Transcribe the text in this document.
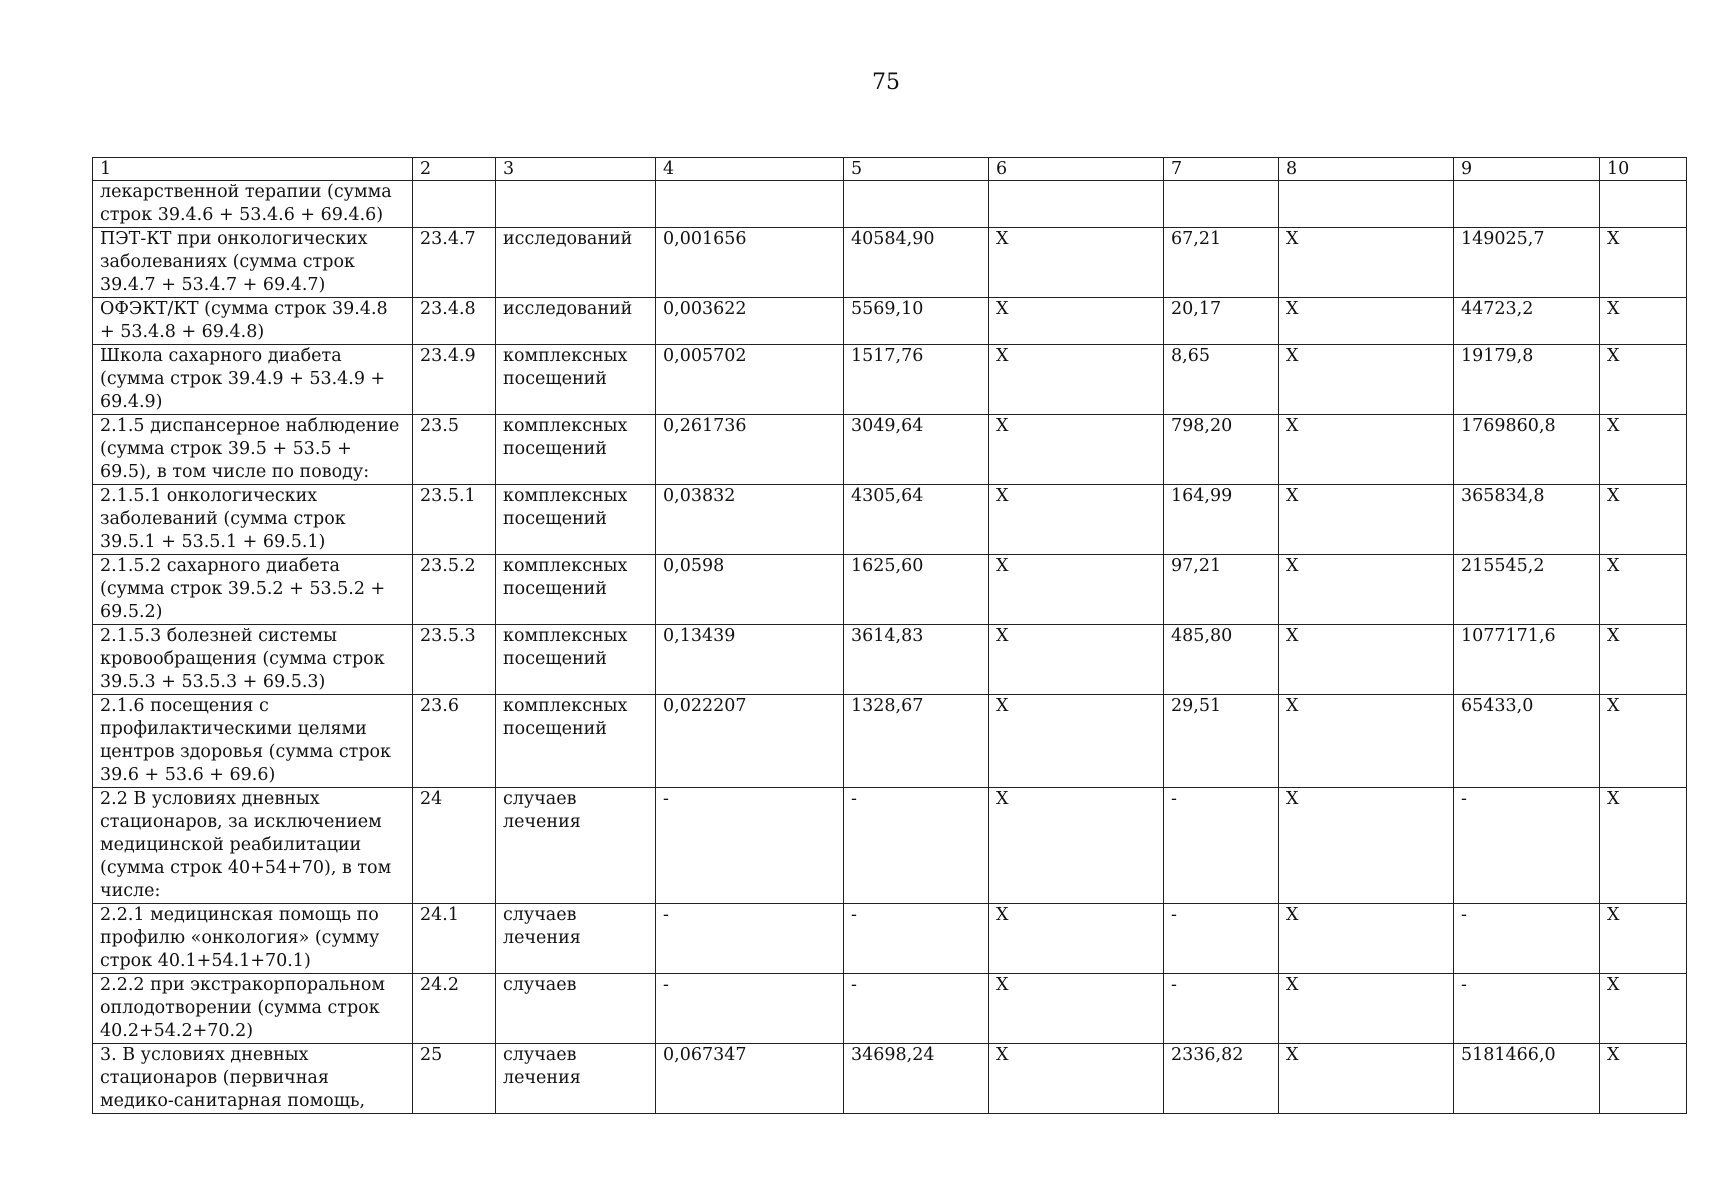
75
1	2	3	4	5	6	7	8	9	10
лекарственной терапии (сумма строк 39.4.6 + 53.4.6 + 69.4.6)									
ПЭТ-КТ при онкологических заболеваниях (сумма строк 39.4.7 + 53.4.7 + 69.4.7)	23.4.7	исследований	0,001656	40584,90	X	67,21	X	149025,7	X
ОФЭКТ/КТ (сумма строк 39.4.8 + 53.4.8 + 69.4.8)	23.4.8	исследований	0,003622	5569,10	X	20,17	X	44723,2	X
Школа сахарного диабета (сумма строк 39.4.9 + 53.4.9 + 69.4.9)	23.4.9	комплексных посещений	0,005702	1517,76	X	8,65	X	19179,8	X
2.1.5 диспансерное наблюдение (сумма строк 39.5 + 53.5 + 69.5), в том числе по поводу:	23.5	комплексных посещений	0,261736	3049,64	X	798,20	X	1769860,8	X
2.1.5.1 онкологических заболеваний (сумма строк 39.5.1 + 53.5.1 + 69.5.1)	23.5.1	комплексных посещений	0,03832	4305,64	X	164,99	X	365834,8	X
2.1.5.2 сахарного диабета (сумма строк 39.5.2 + 53.5.2 + 69.5.2)	23.5.2	комплексных посещений	0,0598	1625,60	X	97,21	X	215545,2	X
2.1.5.3 болезней системы кровообращения (сумма строк 39.5.3 + 53.5.3 + 69.5.3)	23.5.3	комплексных посещений	0,13439	3614,83	X	485,80	X	1077171,6	X
2.1.6 посещения с профилактическими целями центров здоровья (сумма строк 39.6 + 53.6 + 69.6)	23.6	комплексных посещений	0,022207	1328,67	X	29,51	X	65433,0	X
2.2 В условиях дневных стационаров, за исключением медицинской реабилитации (сумма строк 40+54+70), в том числе:	24	случаев лечения	-	-	X	-	X	-	X
2.2.1 медицинская помощь по профилю «онкология» (сумму строк 40.1+54.1+70.1)	24.1	случаев лечения	-	-	X	-	X	-	X
2.2.2 при экстракорпоральном оплодотворении (сумма строк 40.2+54.2+70.2)	24.2	случаев	-	-	X	-	X	-	X
3. В условиях дневных стационаров (первичная медико-санитарная помощь,	25	случаев лечения	0,067347	34698,24	X	2336,82	X	5181466,0	X
